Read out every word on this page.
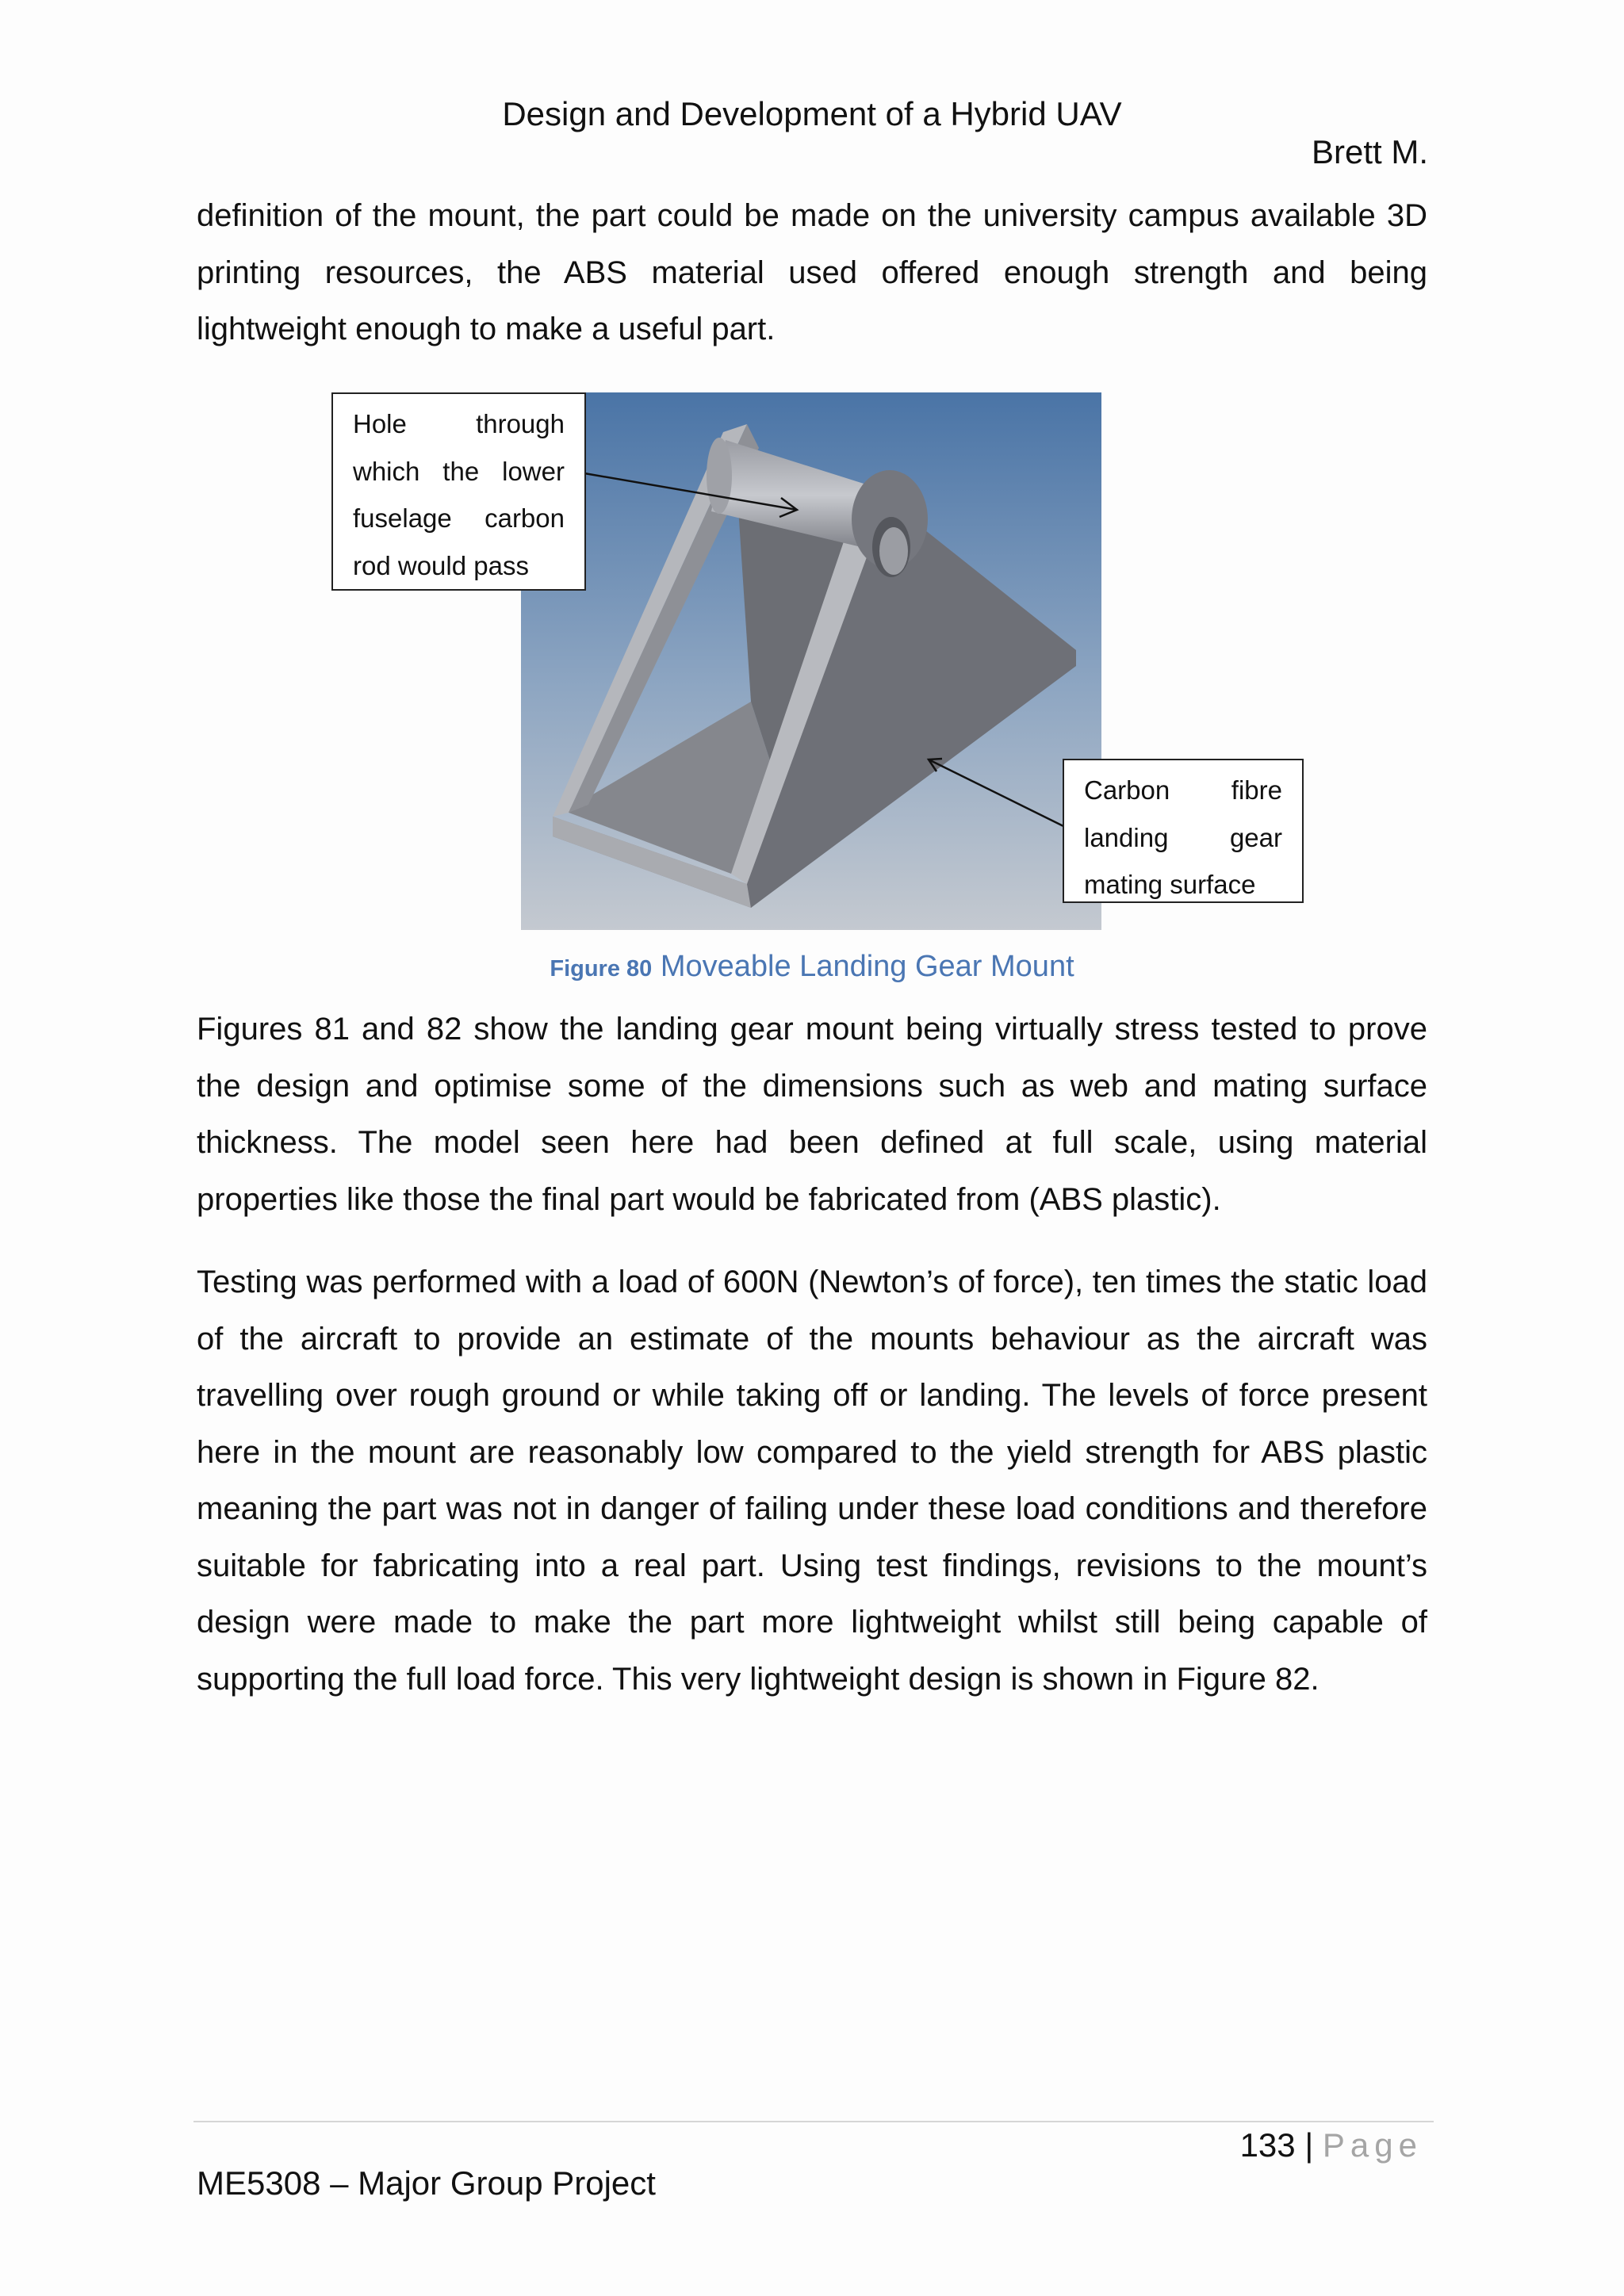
Design and Development of a Hybrid UAV
Brett M.

definition of the mount, the part could be made on the university campus available 3D printing resources, the ABS material used offered enough strength and being lightweight enough to make a useful part.

Hole through
which the lower
fuselage carbon
rod would pass
Carbon fibre
landing gear
mating surface
Figure 80 Moveable Landing Gear Mount

Figures 81 and 82 show the landing gear mount being virtually stress tested to prove the design and optimise some of the dimensions such as web and mating surface thickness. The model seen here had been defined at full scale, using material properties like those the final part would be fabricated from (ABS plastic).

Testing was performed with a load of 600N (Newton’s of force), ten times the static load of the aircraft to provide an estimate of the mounts behaviour as the aircraft was travelling over rough ground or while taking off or landing. The levels of force present here in the mount are reasonably low compared to the yield strength for ABS plastic meaning the part was not in danger of failing under these load conditions and therefore suitable for fabricating into a real part. Using test findings, revisions to the mount’s design were made to make the part more lightweight whilst still being capable of supporting the full load force. This very lightweight design is shown in Figure 82.

133 | Page
ME5308 – Major Group Project
